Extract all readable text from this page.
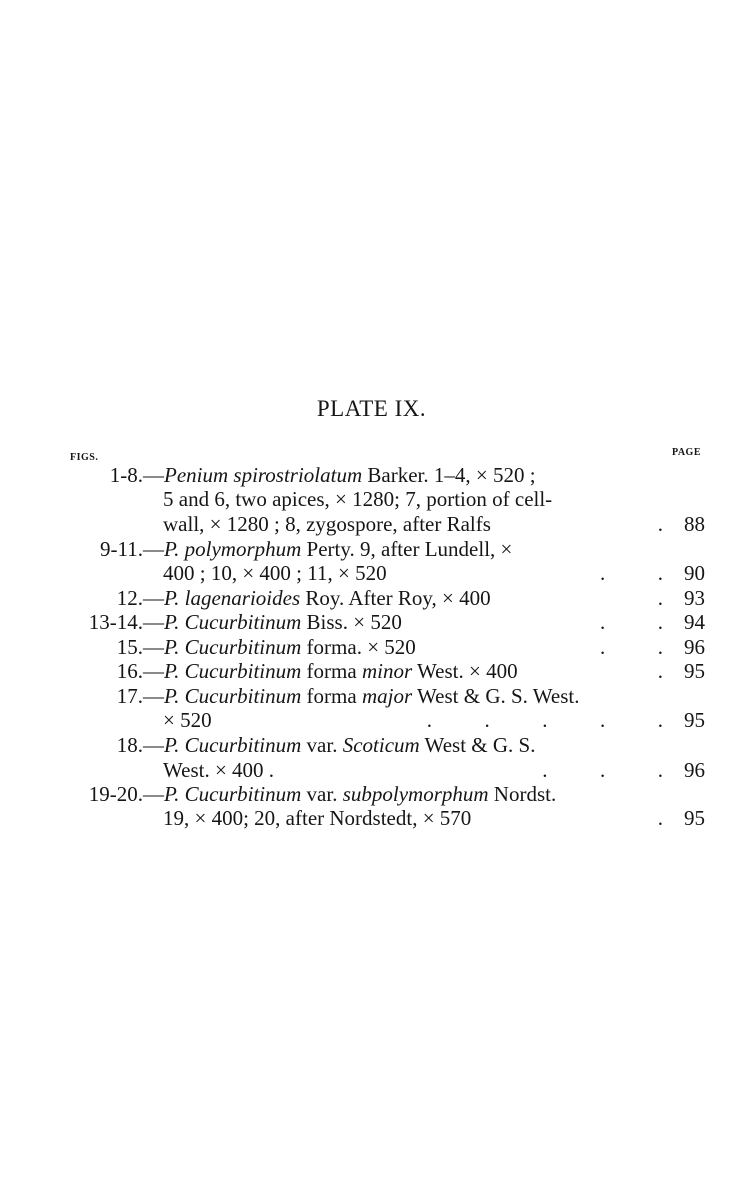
PLATE IX.
FIGS.	PAGE
1-8. —Penium spirostriolatum Barker. 1–4, × 520 ;
5 and 6, two apices, × 1280; 7, portion of cell-
wall, × 1280 ; 8, zygospore, after Ralfs	. 88
9-11. —P. polymorphum Perty. 9, after Lundell, ×
400 ; 10, × 400 ; 11, × 520	.          . 90
12. —P. lagenarioides Roy. After Roy, × 400	. 93
13-14. —P. Cucurbitinum Biss. × 520	.          . 94
15. —P. Cucurbitinum forma. × 520	.          . 96
16. —P. Cucurbitinum forma minor West. × 400	. 95
17. —P. Cucurbitinum forma major West & G. S. West.
× 520	.          .          .          .          . 95
18. —P. Cucurbitinum var. Scoticum West & G. S.
West. × 400 .	.          .          . 96
19-20. —P. Cucurbitinum var. subpolymorphum Nordst.
19, × 400; 20, after Nordstedt, × 570	. 95
